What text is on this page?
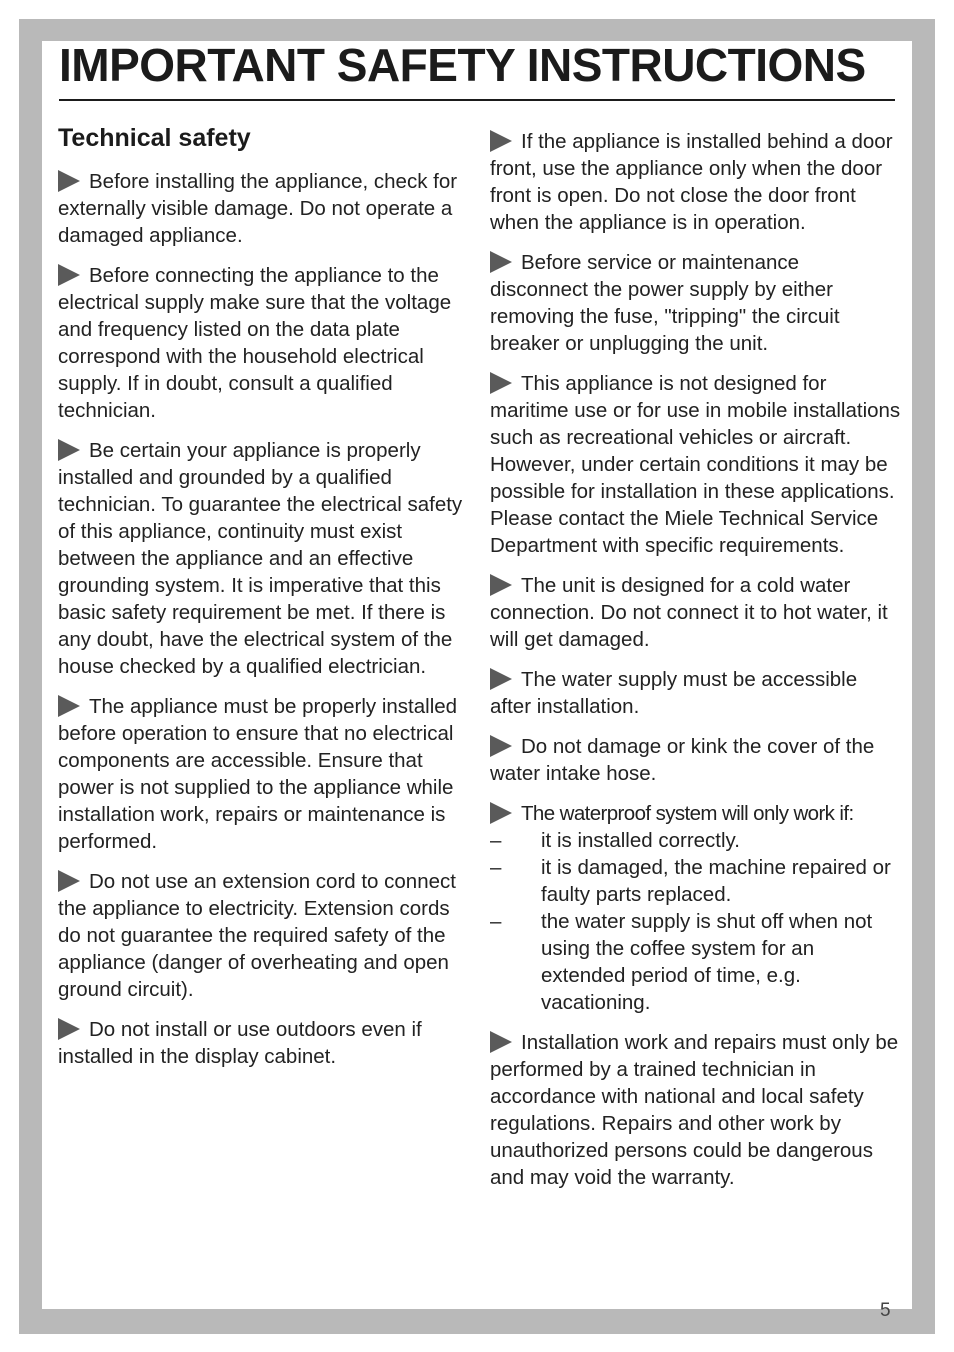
IMPORTANT SAFETY INSTRUCTIONS
Technical safety

Before installing the appliance, check for externally visible damage. Do not operate a damaged appliance.

Before connecting the appliance to the electrical supply make sure that the voltage and frequency listed on the data plate correspond with the household electrical supply. If in doubt, consult a qualified technician.

Be certain your appliance is properly installed and grounded by a qualified technician. To guarantee the electrical safety of this appliance, continuity must exist between the appliance and an effective grounding system. It is imperative that this basic safety requirement be met. If there is any doubt, have the electrical system of the house checked by a qualified electrician.

The appliance must be properly installed before operation to ensure that no electrical components are accessible. Ensure that power is not supplied to the appliance while installation work, repairs or maintenance is performed.

Do not use an extension cord to connect the appliance to electricity. Extension cords do not guarantee the required safety of the appliance (danger of overheating and open ground circuit).

Do not install or use outdoors even if installed in the display cabinet.

If the appliance is installed behind a door front, use the appliance only when the door front is open. Do not close the door front when the appliance is in operation.

Before service or maintenance disconnect the power supply by either removing the fuse, "tripping" the circuit breaker or unplugging the unit.

This appliance is not designed for maritime use or for use in mobile installations such as recreational vehicles or aircraft. However, under certain conditions it may be possible for installation in these applications. Please contact the Miele Technical Service Department with specific requirements.

The unit is designed for a cold water connection. Do not connect it to hot water, it will get damaged.

The water supply must be accessible after installation.

Do not damage or kink the cover of the water intake hose.

The waterproof system will only work if:

– it is installed correctly.
– it is damaged, the machine repaired or faulty parts replaced.
– the water supply is shut off when not using the coffee system for an extended period of time, e.g. vacationing.

Installation work and repairs must only be performed by a trained technician in accordance with national and local safety regulations. Repairs and other work by unauthorized persons could be dangerous and may void the warranty.

5
